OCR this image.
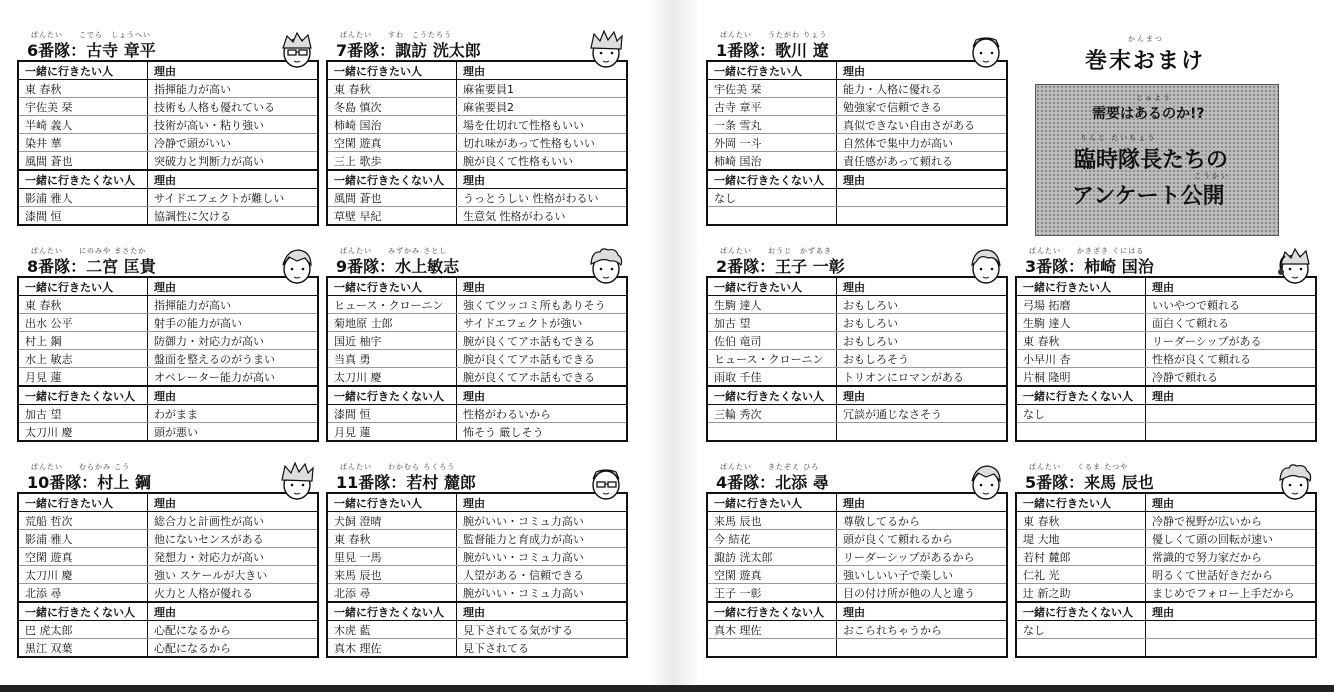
かんまつ
巻末おまけ
じゅよう
需要はあるのか!?
りんじ たいちょう
臨時隊長たちの
こうかい
アンケート公開
ばんたい　　こでら　しょうへい
6番隊：古寺 章平
一緒に行きたい人	理由
東 春秋	指揮能力が高い
宇佐美 栞	技術も人格も優れている
半崎 義人	技術が高い・粘り強い
染井 華	冷静で頭がいい
風間 蒼也	突破力と判断力が高い
一緒に行きたくない人	理由
影浦 雅人	サイドエフェクトが難しい
漆間 恒	協調性に欠ける
ばんたい　　すわ　こうたろう
7番隊：諏訪 洸太郎
一緒に行きたい人	理由
東 春秋	麻雀要員1
冬島 慎次	麻雀要員2
柿崎 国治	場を仕切れて性格もいい
空閑 遊真	切れ味があって性格もいい
三上 歌歩	腕が良くて性格もいい
一緒に行きたくない人	理由
風間 蒼也	うっとうしい 性格がわるい
草壁 早紀	生意気 性格がわるい
ばんたい　　うたがわ りょう
1番隊：歌川 遼
一緒に行きたい人	理由
宇佐美 栞	能力・人格に優れる
古寺 章平	勉強家で信頼できる
一条 雪丸	真似できない自由さがある
外岡 一斗	自然体で集中力が高い
柿崎 国治	責任感があって頼れる
一緒に行きたくない人	理由
なし	

ばんたい　　にのみや まさたか
8番隊：二宮 匡貴
一緒に行きたい人	理由
東 春秋	指揮能力が高い
出水 公平	射手の能力が高い
村上 鋼	防御力・対応力が高い
水上 敏志	盤面を整えるのがうまい
月見 蓮	オペレーター能力が高い
一緒に行きたくない人	理由
加古 望	わがまま
太刀川 慶	頭が悪い
ばんたい　　みずかみ さとし
9番隊：水上敏志
一緒に行きたい人	理由
ヒュース・クローニン	強くてツッコミ所もありそう
菊地原 士郎	サイドエフェクトが強い
国近 柚宇	腕が良くてアホ話もできる
当真 勇	腕が良くてアホ話もできる
太刀川 慶	腕が良くてアホ話もできる
一緒に行きたくない人	理由
漆間 恒	性格がわるいから
月見 蓮	怖そう 厳しそう
ばんたい　　おうじ　かずあき
2番隊：王子 一彰
一緒に行きたい人	理由
生駒 達人	おもしろい
加古 望	おもしろい
佐伯 竜司	おもしろい
ヒュース・クローニン	おもしろそう
雨取 千佳	トリオンにロマンがある
一緒に行きたくない人	理由
三輪 秀次	冗談が通じなさそう

ばんたい　　かきざき くにはる
3番隊：柿崎 国治
一緒に行きたい人	理由
弓場 拓磨	いいやつで頼れる
生駒 達人	面白くて頼れる
東 春秋	リーダーシップがある
小早川 杏	性格が良くて頼れる
片桐 隆明	冷静で頼れる
一緒に行きたくない人	理由
なし	

ばんたい　　むらかみ こう
10番隊：村上 鋼
一緒に行きたい人	理由
荒船 哲次	総合力と計画性が高い
影浦 雅人	他にないセンスがある
空閑 遊真	発想力・対応力が高い
太刀川 慶	強い スケールが大きい
北添 尋	火力と人格が優れる
一緒に行きたくない人	理由
巴 虎太郎	心配になるから
黒江 双葉	心配になるから
ばんたい　　わかむら ろくろう
11番隊：若村 麓郎
一緒に行きたい人	理由
犬飼 澄晴	腕がいい・コミュ力高い
東 春秋	監督能力と育成力が高い
里見 一馬	腕がいい・コミュ力高い
来馬 辰也	人望がある・信頼できる
北添 尋	腕がいい・コミュ力高い
一緒に行きたくない人	理由
木虎 藍	見下されてる気がする
真木 理佐	見下されてる
ばんたい　　きたぞえ ひろ
4番隊：北添 尋
一緒に行きたい人	理由
来馬 辰也	尊敬してるから
今 結花	頭が良くて頼れるから
諏訪 洸太郎	リーダーシップがあるから
空閑 遊真	強いしいい子で楽しい
王子 一彰	目の付け所が他の人と違う
一緒に行きたくない人	理由
真木 理佐	おこられちゃうから

ばんたい　　くるま たつや
5番隊：来馬 辰也
一緒に行きたい人	理由
東 春秋	冷静で視野が広いから
堤 大地	優しくて頭の回転が速い
若村 麓郎	常識的で努力家だから
仁礼 光	明るくて世話好きだから
辻 新之助	まじめでフォロー上手だから
一緒に行きたくない人	理由
なし	
